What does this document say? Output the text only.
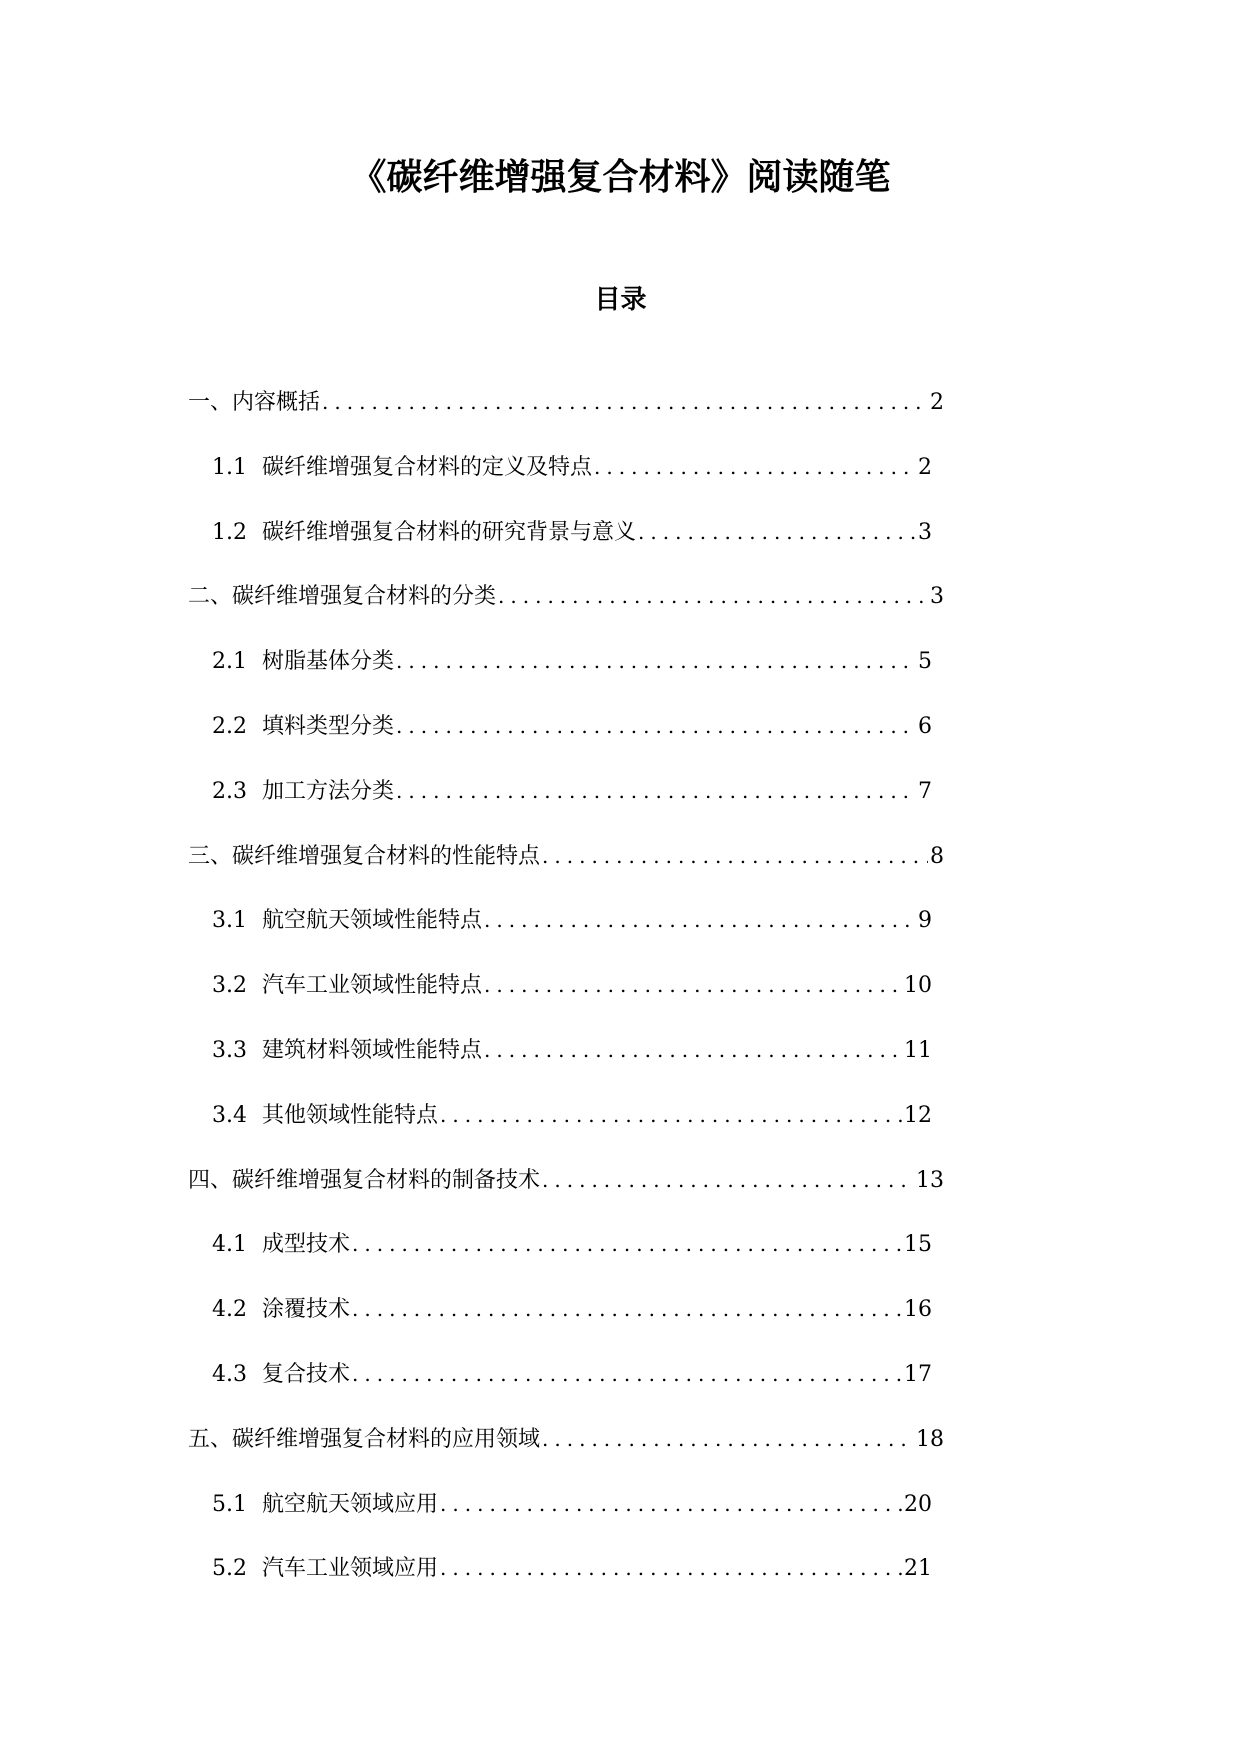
《碳纤维增强复合材料》阅读随笔
目录
一、内容概括 .....	2
1.1 碳纤维增强复合材料的定义及特点 .....	2
1.2 碳纤维增强复合材料的研究背景与意义 .....	3
二、碳纤维增强复合材料的分类 .....	3
2.1 树脂基体分类 .....	5
2.2 填料类型分类 .....	6
2.3 加工方法分类 .....	7
三、碳纤维增强复合材料的性能特点 .....	8
3.1 航空航天领域性能特点 .....	9
3.2 汽车工业领域性能特点 .....	10
3.3 建筑材料领域性能特点 .....	11
3.4 其他领域性能特点 .....	12
四、碳纤维增强复合材料的制备技术 .....	13
4.1 成型技术 .....	15
4.2 涂覆技术 .....	16
4.3 复合技术 .....	17
五、碳纤维增强复合材料的应用领域 .....	18
5.1 航空航天领域应用 .....	20
5.2 汽车工业领域应用 .....	21
